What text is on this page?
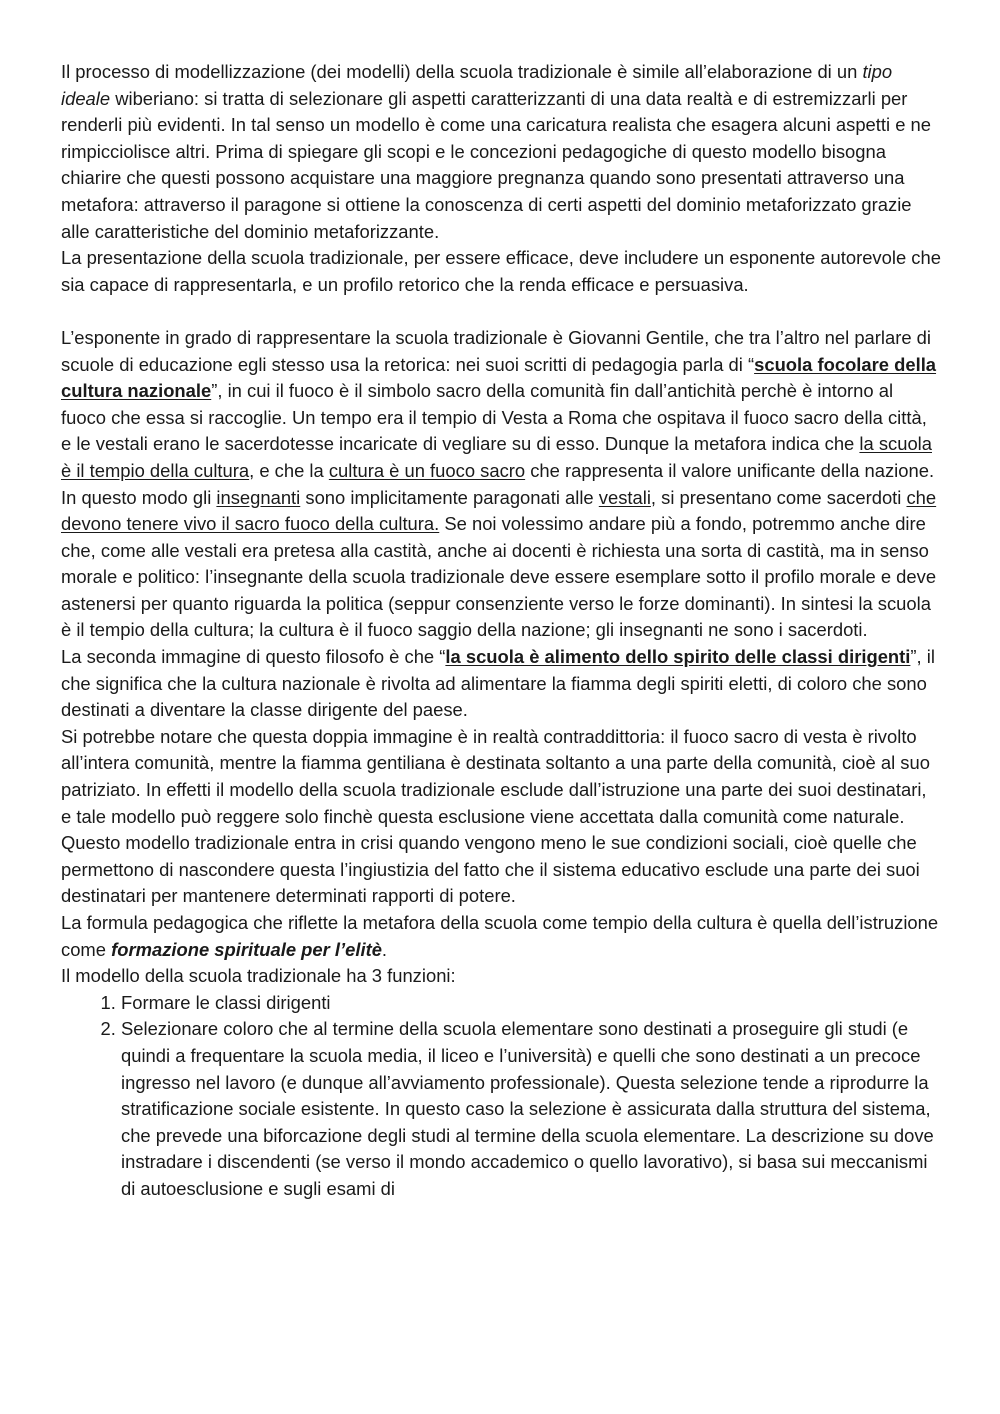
Il processo di modellizzazione (dei modelli) della scuola tradizionale è simile all’elaborazione di un tipo ideale wiberiano: si tratta di selezionare gli aspetti caratterizzanti di una data realtà e di estremizzarli per renderli più evidenti. In tal senso un modello è come una caricatura realista che esagera alcuni aspetti e ne rimpicciolisce altri. Prima di spiegare gli scopi e le concezioni pedagogiche di questo modello bisogna chiarire che questi possono acquistare una maggiore pregnanza quando sono presentati attraverso una metafora: attraverso il paragone si ottiene la conoscenza di certi aspetti del dominio metaforizzato grazie alle caratteristiche del dominio metaforizzante.

La presentazione della scuola tradizionale, per essere efficace, deve includere un esponente autorevole che sia capace di rappresentarla, e un profilo retorico che la renda efficace e persuasiva.

L’esponente in grado di rappresentare la scuola tradizionale è Giovanni Gentile, che tra l’altro nel parlare di scuole di educazione egli stesso usa la retorica: nei suoi scritti di pedagogia parla di “scuola focolare della cultura nazionale”, in cui il fuoco è il simbolo sacro della comunità fin dall’antichità perchè è intorno al fuoco che essa si raccoglie. Un tempo era il tempio di Vesta a Roma che ospitava il fuoco sacro della città, e le vestali erano le sacerdotesse incaricate di vegliare su di esso. Dunque la metafora indica che la scuola è il tempio della cultura, e che la cultura è un fuoco sacro che rappresenta il valore unificante della nazione. In questo modo gli insegnanti sono implicitamente paragonati alle vestali, si presentano come sacerdoti che devono tenere vivo il sacro fuoco della cultura. Se noi volessimo andare più a fondo, potremmo anche dire che, come alle vestali era pretesa alla castità, anche ai docenti è richiesta una sorta di castità, ma in senso morale e politico: l’insegnante della scuola tradizionale deve essere esemplare sotto il profilo morale e deve astenersi per quanto riguarda la politica (seppur consenziente verso le forze dominanti). In sintesi la scuola è il tempio della cultura; la cultura è il fuoco saggio della nazione; gli insegnanti ne sono i sacerdoti.

La seconda immagine di questo filosofo è che “la scuola è alimento dello spirito delle classi dirigenti”, il che significa che la cultura nazionale è rivolta ad alimentare la fiamma degli spiriti eletti, di coloro che sono destinati a diventare la classe dirigente del paese.

Si potrebbe notare che questa doppia immagine è in realtà contraddittoria: il fuoco sacro di vesta è rivolto all’intera comunità, mentre la fiamma gentiliana è destinata soltanto a una parte della comunità, cioè al suo patriziato. In effetti il modello della scuola tradizionale esclude dall’istruzione una parte dei suoi destinatari, e tale modello può reggere solo finchè questa esclusione viene accettata dalla comunità come naturale. Questo modello tradizionale entra in crisi quando vengono meno le sue condizioni sociali, cioè quelle che permettono di nascondere questa l’ingiustizia del fatto che il sistema educativo esclude una parte dei suoi destinatari per mantenere determinati rapporti di potere.

La formula pedagogica che riflette la metafora della scuola come tempio della cultura è quella dell’istruzione come formazione spirituale per l’elitè.

Il modello della scuola tradizionale ha 3 funzioni:

1. Formare le classi dirigenti
2. Selezionare coloro che al termine della scuola elementare sono destinati a proseguire gli studi (e quindi a frequentare la scuola media, il liceo e l’università) e quelli che sono destinati a un precoce ingresso nel lavoro (e dunque all’avviamento professionale). Questa selezione tende a riprodurre la stratificazione sociale esistente. In questo caso la selezione è assicurata dalla struttura del sistema, che prevede una biforcazione degli studi al termine della scuola elementare. La descrizione su dove instradare i discendenti (se verso il mondo accademico o quello lavorativo), si basa sui meccanismi di autoesclusione e sugli esami di
